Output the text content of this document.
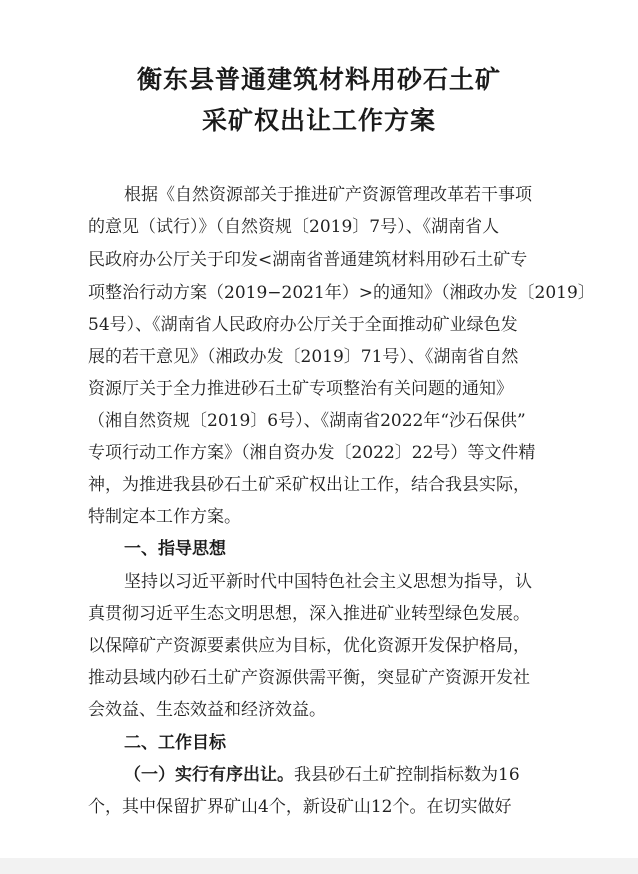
衡东县普通建筑材料用砂石土矿
采矿权出让工作方案
根据《自然资源部关于推进矿产资源管理改革若干事项
的意见（试行）》（自然资规〔2019〕7号）、《湖南省人
民政府办公厅关于印发<湖南省普通建筑材料用砂石土矿专
项整治行动方案（2019−2021年）>的通知》（湘政办发〔2019〕
54号）、《湖南省人民政府办公厅关于全面推动矿业绿色发
展的若干意见》（湘政办发〔2019〕71号）、《湖南省自然
资源厅关于全力推进砂石土矿专项整治有关问题的通知》
（湘自然资规〔2019〕6号）、《湖南省2022年“沙石保供”
专项行动工作方案》（湘自资办发〔2022〕22号）等文件精
神，为推进我县砂石土矿采矿权出让工作，结合我县实际，
特制定本工作方案。
一、指导思想
坚持以习近平新时代中国特色社会主义思想为指导，认
真贯彻习近平生态文明思想，深入推进矿业转型绿色发展。
以保障矿产资源要素供应为目标，优化资源开发保护格局，
推动县域内砂石土矿产资源供需平衡，突显矿产资源开发社
会效益、生态效益和经济效益。
二、工作目标
（一）实行有序出让。我县砂石土矿控制指标数为16
个，其中保留扩界矿山4个，新设矿山12个。在切实做好
